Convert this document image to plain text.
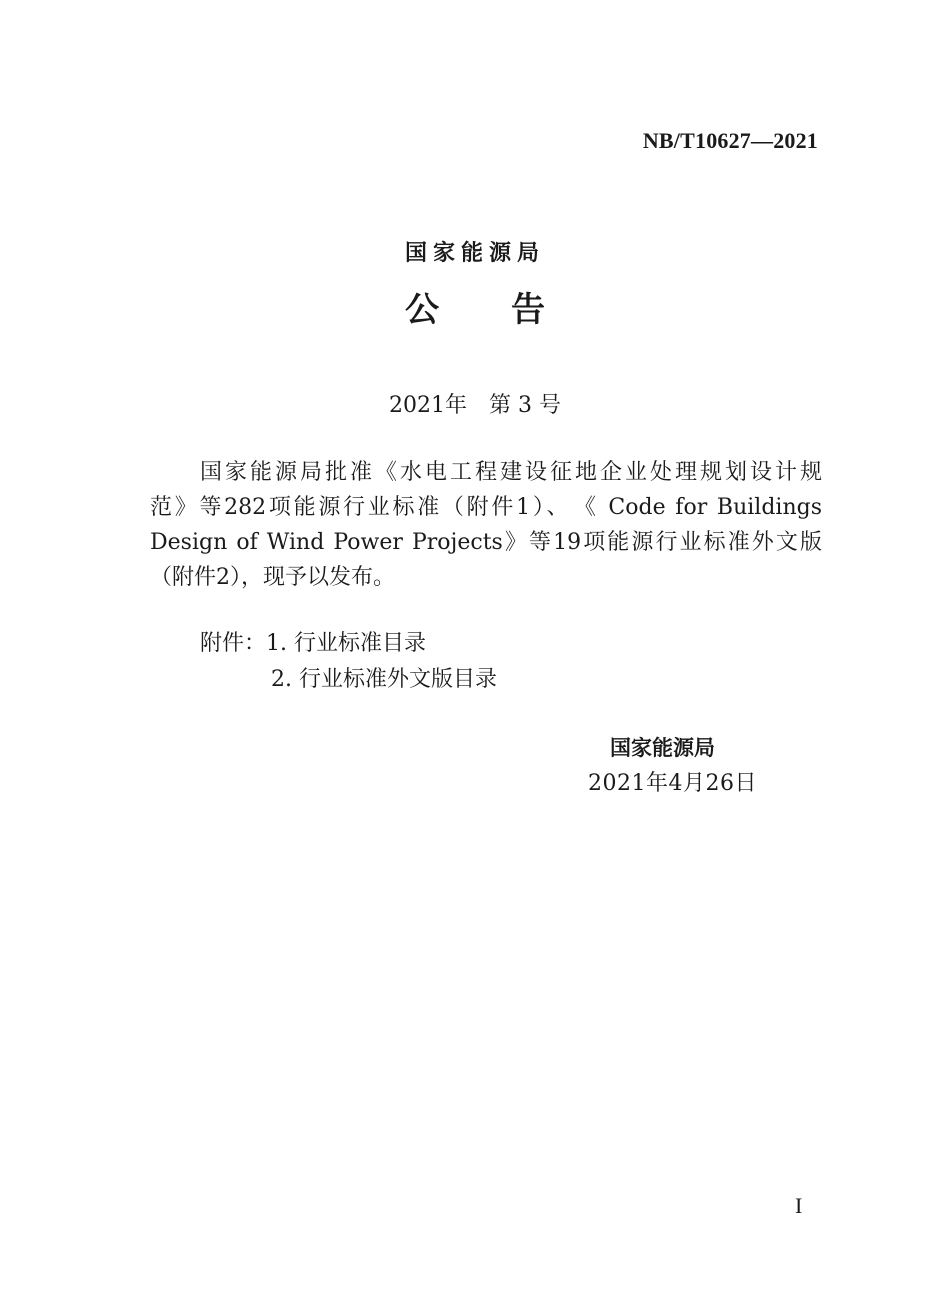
NB/T10627—2021
国家能源局
公 告
2021年　第 3 号
　　国家能源局批准《水电工程建设征地企业处理规划设计规
范》等282项能源行业标准（附件1）、　《 Code for Buildings
Design of Wind Power Projects》等19项能源行业标准外文版
（附件2），现予以发布。
附件：1. 行业标准目录
2. 行业标准外文版目录
国家能源局
2021年4月26日
I
